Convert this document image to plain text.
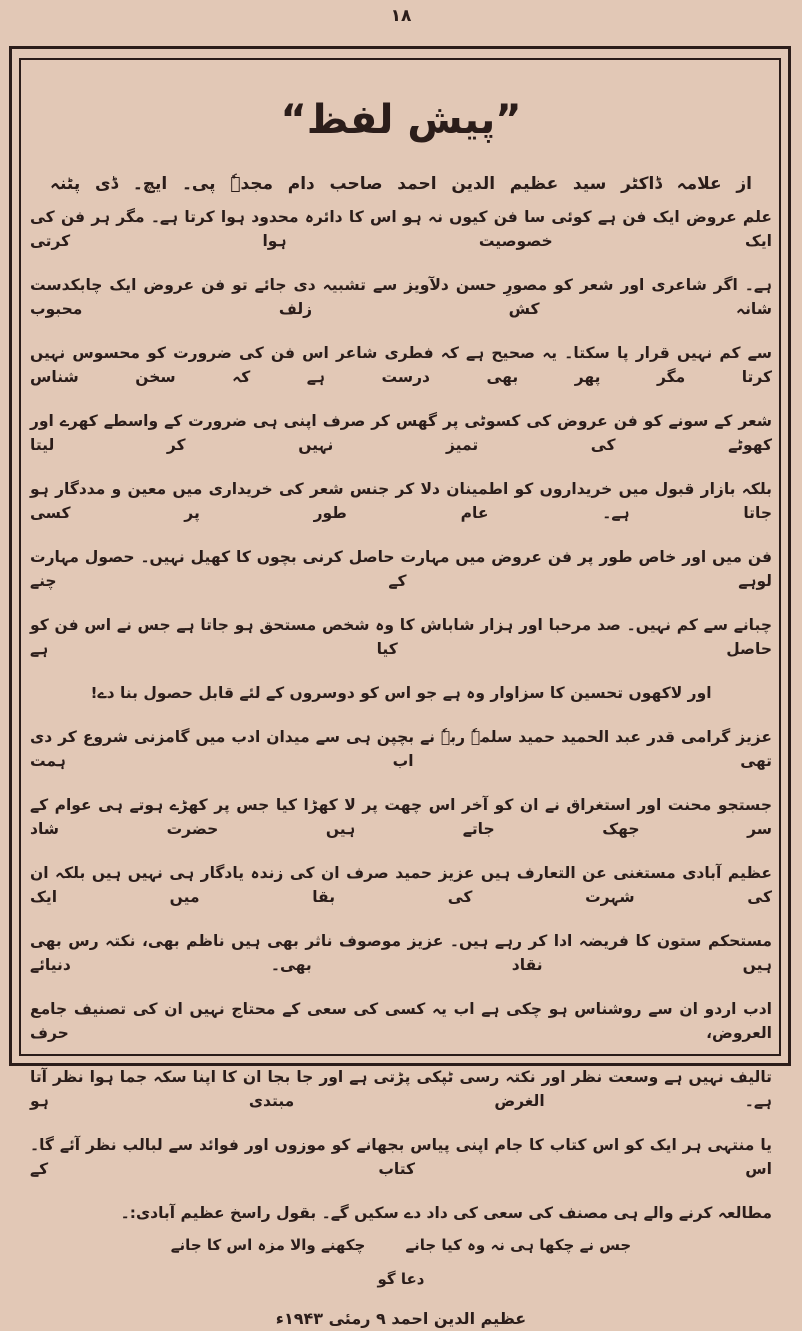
۱۸
”پیش لفظ“
از علامہ ڈاکٹر سید عظیم الدین احمد صاحب دام مجدہٗ پی۔ ایچ۔ ڈی پٹنہ
علم عروض ایک فن ہے کوئی سا فن کیوں نہ ہو اس کا دائرہ محدود ہوا کرتا ہے۔ مگر ہر فن کی ایک خصوصیت ہوا کرتی
ہے۔ اگر شاعری اور شعر کو مصورِ حسن دلآویز سے تشبیہ دی جائے تو فن عروض ایک چابکدست شانہ کش زلف محبوب
سے کم نہیں قرار پا سکتا۔ یہ صحیح ہے کہ فطری شاعر اس فن کی ضرورت کو محسوس نہیں کرتا مگر پھر بھی درست ہے کہ سخن شناس
شعر کے سونے کو فن عروض کی کسوٹی پر گھس کر صرف اپنی ہی ضرورت کے واسطے کھرے اور کھوٹے کی تمیز نہیں کر لیتا
بلکہ بازار قبول میں خریداروں کو اطمینان دلا کر جنس شعر کی خریداری میں معین و مددگار ہو جاتا ہے۔ عام طور پر کسی
فن میں اور خاص طور پر فن عروض میں مہارت حاصل کرنی بچوں کا کھیل نہیں۔ حصول مہارت لوہے کے چنے
چبانے سے کم نہیں۔ صد مرحبا اور ہزار شاباش کا وہ شخص مستحق ہو جاتا ہے جس نے اس فن کو حاصل کیا ہے
اور لاکھوں تحسین کا سزاوار وہ ہے جو اس کو دوسروں کے لئے قابل حصول بنا دے!
عزیز گرامی قدر عبد الحمید حمید سلمہٗ ربہٗ نے بچپن ہی سے میدان ادب میں گامزنی شروع کر دی تھی اب ہمت
جستجو محنت اور استغراق نے ان کو آخر اس چھت پر لا کھڑا کیا جس پر کھڑے ہوتے ہی عوام کے سر جھک جاتے ہیں حضرت شاد
عظیم آبادی مستغنی عن التعارف ہیں عزیز حمید صرف ان کی زندہ یادگار ہی نہیں ہیں بلکہ ان کی شہرت کی بقا میں ایک
مستحکم ستون کا فریضہ ادا کر رہے ہیں۔ عزیز موصوف ناثر بھی ہیں ناظم بھی، نکتہ رس بھی ہیں نقاد بھی۔ دنیائے
ادب اردو ان سے روشناس ہو چکی ہے اب یہ کسی کی سعی کے محتاج نہیں ان کی تصنیف جامع العروض، حرف
تالیف نہیں ہے وسعت نظر اور نکتہ رسی ٹپکی پڑتی ہے اور جا بجا ان کا اپنا سکہ جما ہوا نظر آتا ہے۔ الغرض مبتدی ہو
یا منتہی ہر ایک کو اس کتاب کا جام اپنی پیاس بجھانے کو موزوں اور فوائد سے لبالب نظر آئے گا۔ اس کتاب کے
مطالعہ کرنے والے ہی مصنف کی سعی کی داد دے سکیں گے۔ بقول راسخ عظیم آبادی:۔
جس نے چکھا ہی نہ وہ کیا جانے
چکھنے والا مزہ اس کا جانے
دعا گو
عظیم الدین احمد ۹ رمئی ۱۹۴۳ء
